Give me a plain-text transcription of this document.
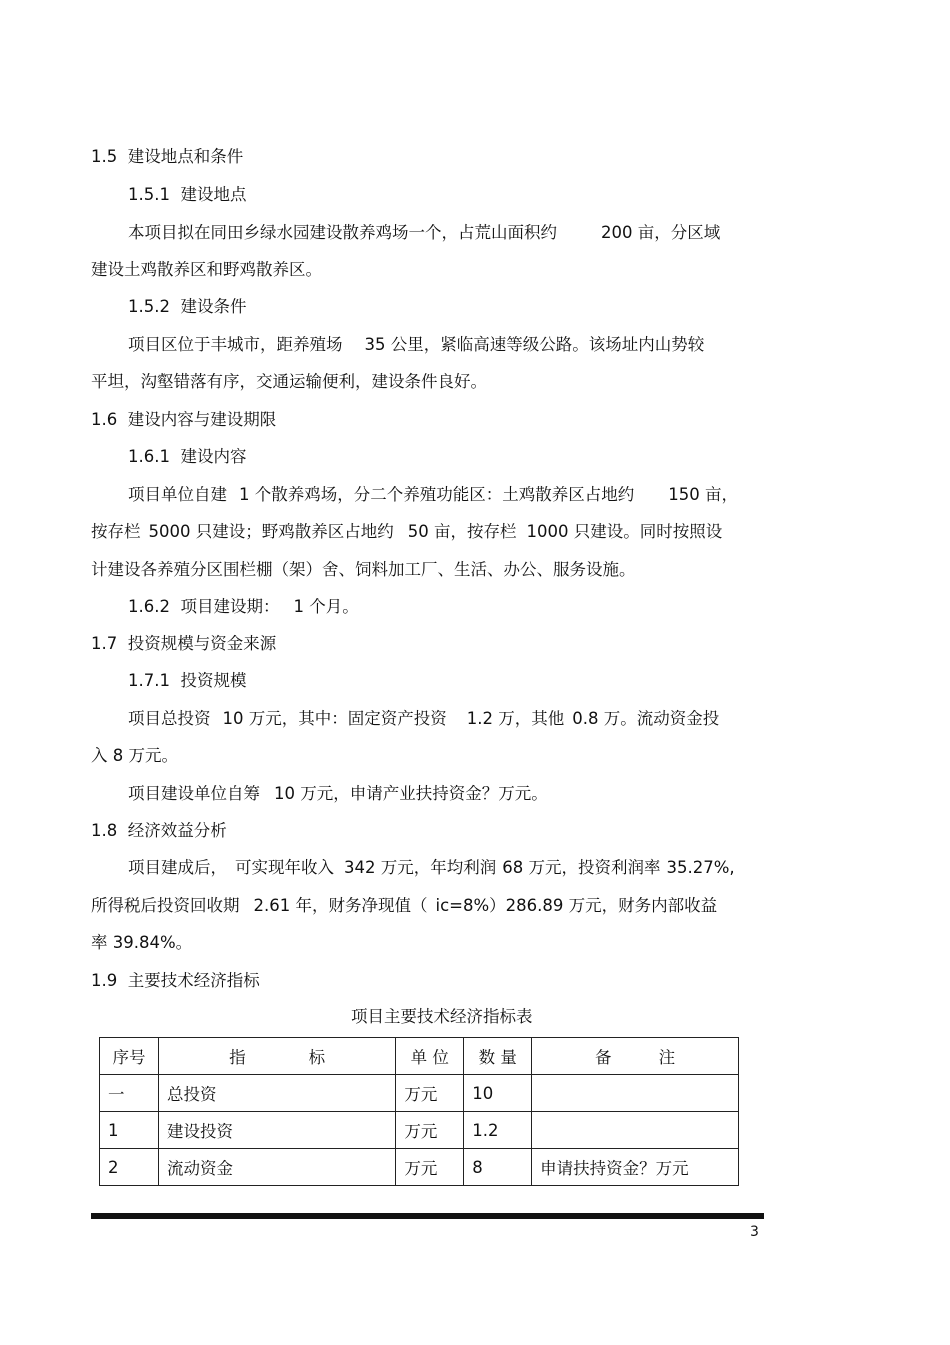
1.5  建设地点和条件
1.5.1  建设地点
本项目拟在同田乡绿水园建设散养鸡场一个，占荒山面积约	200 亩，分区域
建设土鸡散养区和野鸡散养区。
1.5.2  建设条件
项目区位于丰城市，距养殖场 35 公里，紧临高速等级公路。该场址内山势较
平坦，沟壑错落有序，交通运输便利，建设条件良好。
1.6  建设内容与建设期限
1.6.1  建设内容
项目单位自建 1 个散养鸡场，分二个养殖功能区：土鸡散养区占地约 150 亩，
按存栏 5000 只建设；野鸡散养区占地约 50 亩，按存栏 1000 只建设。同时按照设
计建设各养殖分区围栏棚（架）舍、饲料加工厂、生活、办公、服务设施。
1.6.2  项目建设期： 1 个月。
1.7  投资规模与资金来源
1.7.1  投资规模
项目总投资 10 万元，其中：固定资产投资 1.2 万，其他 0.8 万。流动资金投
入 8 万元。
项目建设单位自筹 10 万元，申请产业扶持资金？万元。
1.8  经济效益分析
项目建成后， 可实现年收入 342 万元，年均利润 68 万元，投资利润率 35.27%,
所得税后投资回收期 2.61 年，财务净现值（ ic=8%）286.89 万元，财务内部收益
率 39.84%。
1.9  主要技术经济指标
项目主要技术经济指标表
序号	指            标	单 位	数 量	备         注
一	总投资	万元	10	
1	建设投资	万元	1.2	
2	流动资金	万元	8	申请扶持资金？万元
3
